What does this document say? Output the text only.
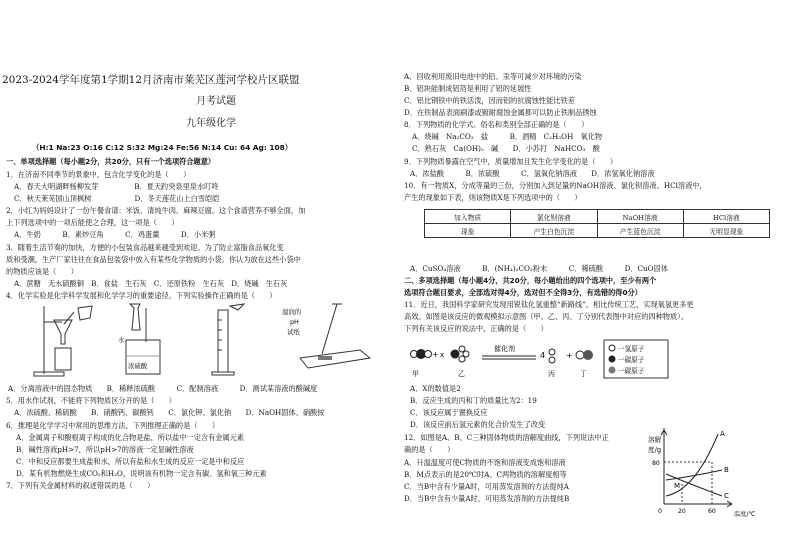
2023-2024学年度第1学期12月济南市莱芜区莲河学校片区联盟
月考试题
九年级化学
（H:1 Na:23 O:16 C:12 S:32 Mg:24 Fe:56 N:14 Cu: 64 Ag: 108）
一、单项选择题（每小题2分，共20分，只有一个选项符合题意）
1．在济南不同季节的景象中，包含化学变化的是（　　）
A．春天大明湖畔杨柳发芽　　　　　B．夏天趵突泉里泉水叮咚
C．秋天莱芜国山顶枫树　　　　　　D．冬天莲花山上白雪皑皑
2．小红为妈妈设计了一份午餐食谱：米饭、清炖牛肉、麻辣豆腐。这个食谱营养不够全面，加
上下列选项中的一项后能使之合理，这一项是（　　）
A．牛奶　　　B．素炒豆角　　　C．鸡蛋羹　　　D．小米粥
3．随着生活节奏的加快，方便的小包装食品越来越受到欢迎。为了防止富脂食品氧化变
质和受潮，生产厂家往往在食品包装袋中放入有某些化学物质的小袋。你认为放在这些小袋中
的物质应该是（　　）
A．蔗糖　无水硫酸铜　B．食盐　生石灰　C．还原铁粉　生石灰　D．烧碱　生石灰
4．化学实验是化学科学发展和化学学习的重要途径。下列实验操作正确的是（　　）
水
浓硫酸
湿润的
pH
试纸
A．分离溶液中的固态物质　　B．稀释浓硫酸　　　C．配制溶液　　　D．测试某溶液的酸碱度
5．用水作试剂，不能将下列物质区分开的是（　　）
A．浓硫酸、稀硫酸　　B．硝酸钙、碳酸钙　　C．氯化钾、氯化钠　　D．NaOH固体、硝酸铵
6．推理是化学学习中常用的思维方法，下列推理正确的是（　　）
A．金属离子和酸根离子构成的化合物是盐，所以盐中一定含有金属元素
B．碱性溶液pH>7，所以pH>7的溶液一定显碱性溶液
C．中和反应都要生成盐和水，所以有盐和水生成的反应一定是中和反应
D．某有机物燃烧生成CO₂和H₂O，说明该有机物一定含有碳、氢和氧三种元素
7．下列有关金属材料的叙述错误的是（　　）
A．回收利用废旧电池中的铅、汞等可减少对环境的污染
B．铝块能制成铝箔是利用了铝的延展性
C．铝比钢铁中的铁活泼，因而铝的抗腐蚀性能比铁差
D．在铁制品表面刷漆或镀耐腐蚀金属都可以防止铁制品锈蚀
8．下列物质的化学式、俗名和类别全部正确的是（　　）
A．烧碱　Na₂CO₃　盐　　　B．酒精　C₂H₅OH　氧化物
C．熟石灰　Ca(OH)₂　碱　　D．小苏打　NaHCO₃　酸
9．下列物质暴露在空气中，质量增加且发生化学变化的是（　　）
A．浓盐酸　　　B．浓硫酸　　　C．氢氧化钠溶液　　D．浓氢氧化钠溶液
10．有一物质X，分成等量的三份，分别加入到足量的NaOH溶液、氯化钡溶液、HCl溶液中，
产生的现象如下表，则该物质X是下列选项中的（　　）
加入物质	氯化钡溶液	NaOH溶液	HCl溶液
现象	产生白色沉淀	产生蓝色沉淀	无明显现象
A．CuSO₄溶液　　　B．(NH₄)₂CO₃粉末　　　C．稀硫酸　　　D．CuO固体
二、多项选择题（每小题4分，共20分，每小题给出的四个选项中，至少有两个
选项符合题目要求，全部选对得4分，选对但不全得3分，有选错的得0分）
11．近日，我国科学家研究发现用锐钛化氢重整“新路线”，相比传统工艺，实现氧氢更多更
高效。如图是该反应的微观模拟示意图（甲、乙、丙、丁分别代表图中对应的四种物质）。
下列有关该反应的说法中，正确的是（　　）
+ x
催化剂
4	+
甲	乙	丙	丁
一氢原子
一碳原子
一碳原子
A．X的数值是2
B．反应生成的丙和丁的质量比为2：19
C．该反应属于置换反应
D．该反应前后氢元素的化合价发生了改变
12．如图是A、B、C三种固体物质的溶解度曲线，下列说法中正
确的是（　　）
A．升温温度可使C物质的不饱和溶液变成饱和溶液
B．M点表示的是20℃时A、C两物质的溶解度相等
C．当B中含有少量A时，可用蒸发溶剂的方法提纯A
D．当B中含有少量A时，可用蒸发溶剂的方法提纯B
溶解
度/g
80
A
B
C
M
0	20	60	温度/℃
